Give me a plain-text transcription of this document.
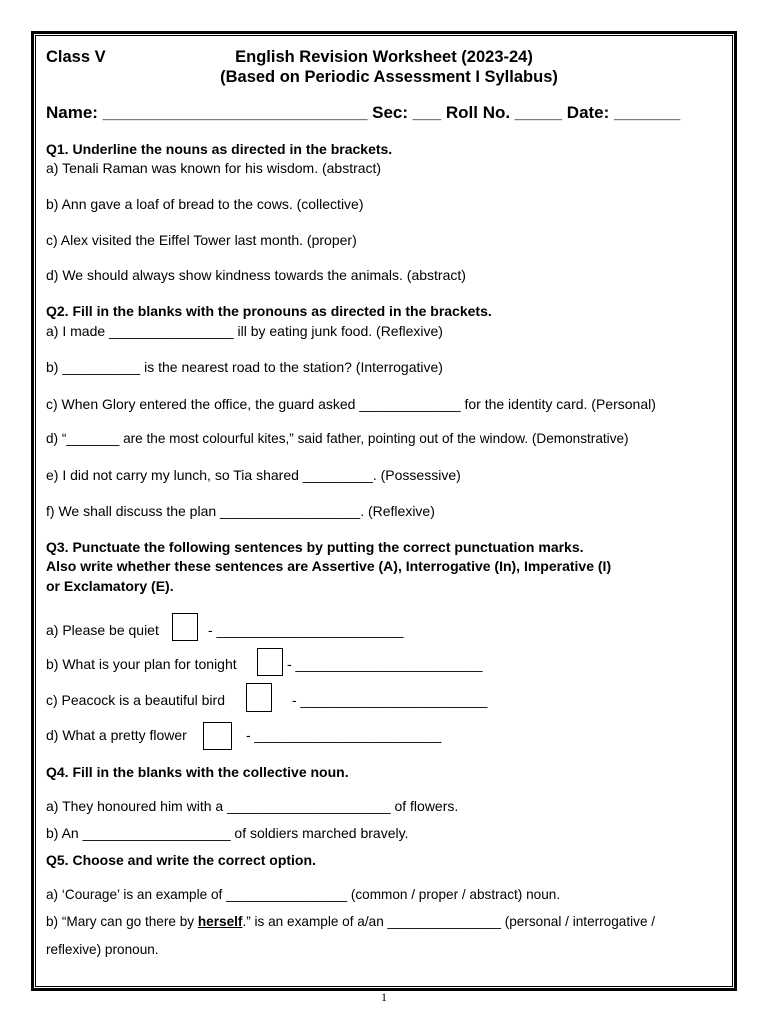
Class V	English Revision Worksheet (2023-24)
(Based on Periodic Assessment I Syllabus)
Name: ____________________________ Sec: ___ Roll No. _____ Date: _______
Q1. Underline the nouns as directed in the brackets.
a) Tenali Raman was known for his wisdom. (abstract)
b) Ann gave a loaf of bread to the cows. (collective)
c) Alex visited the Eiffel Tower last month. (proper)
d) We should always show kindness towards the animals. (abstract)
Q2. Fill in the blanks with the pronouns as directed in the brackets.
a) I made ________________ ill by eating junk food. (Reflexive)
b) __________ is the nearest road to the station? (Interrogative)
c) When Glory entered the office, the guard asked _____________ for the identity card. (Personal)
d) “_______ are the most colourful kites,” said father, pointing out of the window. (Demonstrative)
e) I did not carry my lunch, so Tia shared _________. (Possessive)
f) We shall discuss the plan __________________. (Reflexive)
Q3. Punctuate the following sentences by putting the correct punctuation marks.
Also write whether these sentences are Assertive (A), Interrogative (In), Imperative (I)
or Exclamatory (E).
a) Please be quiet	- ________________________
b) What is your plan for tonight	- ________________________
c) Peacock is a beautiful bird	- ________________________
d) What a pretty flower	- ________________________
Q4. Fill in the blanks with the collective noun.
a) They honoured him with a _____________________ of flowers.
b) An ___________________ of soldiers marched bravely.
Q5. Choose and write the correct option.
a) ‘Courage’ is an example of ________________ (common / proper / abstract) noun.
b) “Mary can go there by herself.” is an example of a/an _______________ (personal / interrogative /
reflexive) pronoun.
1
